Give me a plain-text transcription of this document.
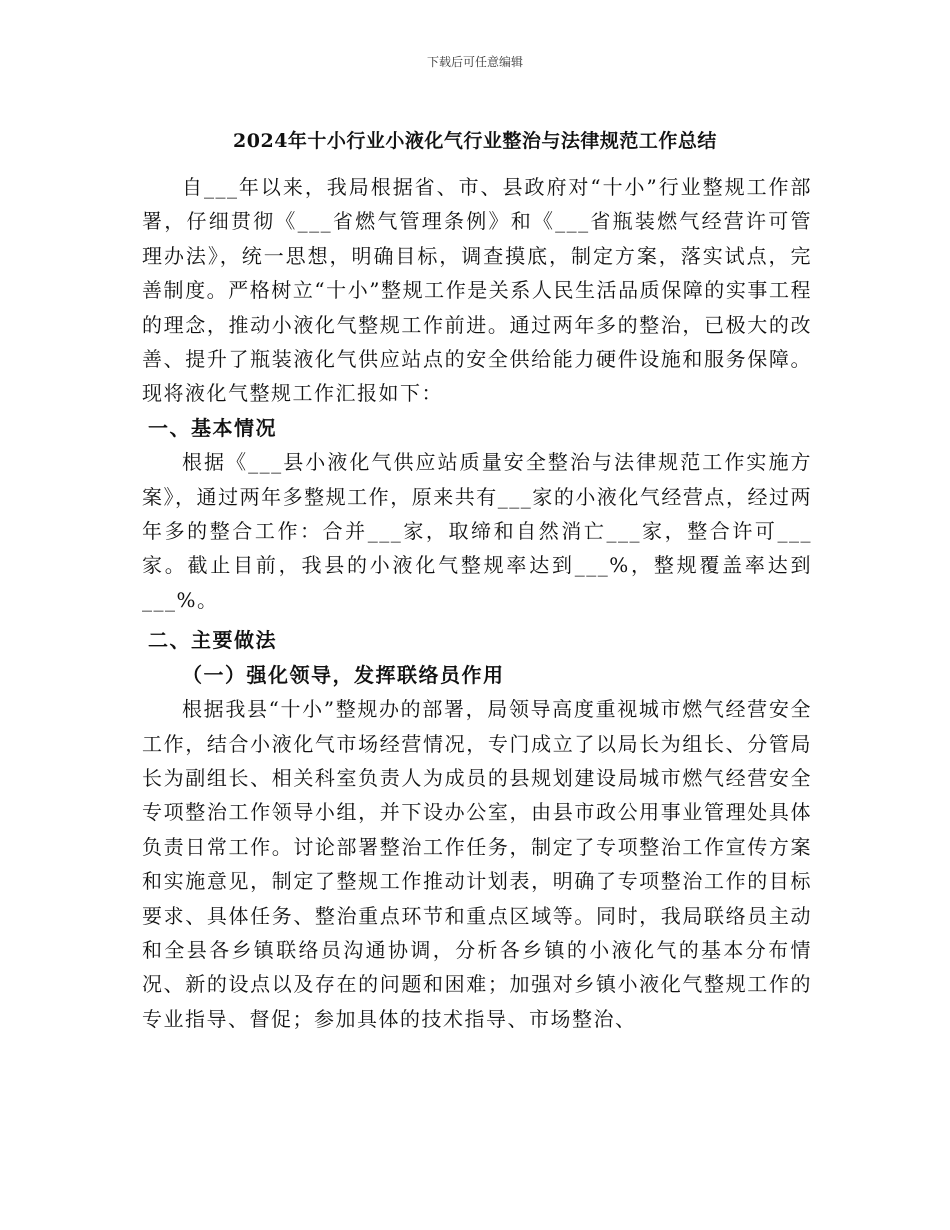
下载后可任意编辑
2024年十小行业小液化气行业整治与法律规范工作总结

自___年以来，我局根据省、市、县政府对“十小”行业整规工作部署，仔细贯彻《___省燃气管理条例》和《___省瓶装燃气经营许可管理办法》，统一思想，明确目标，调查摸底，制定方案，落实试点，完善制度。严格树立“十小”整规工作是关系人民生活品质保障的实事工程的理念，推动小液化气整规工作前进。通过两年多的整治，已极大的改善、提升了瓶装液化气供应站点的安全供给能力硬件设施和服务保障。现将液化气整规工作汇报如下：

一、基本情况

根据《___县小液化气供应站质量安全整治与法律规范工作实施方案》，通过两年多整规工作，原来共有___家的小液化气经营点，经过两年多的整合工作：合并___家，取缔和自然消亡___家，整合许可___家。截止目前，我县的小液化气整规率达到___%，整规覆盖率达到___%。

二、主要做法

（一）强化领导，发挥联络员作用

根据我县“十小”整规办的部署，局领导高度重视城市燃气经营安全工作，结合小液化气市场经营情况，专门成立了以局长为组长、分管局长为副组长、相关科室负责人为成员的县规划建设局城市燃气经营安全专项整治工作领导小组，并下设办公室，由县市政公用事业管理处具体负责日常工作。讨论部署整治工作任务，制定了专项整治工作宣传方案和实施意见，制定了整规工作推动计划表，明确了专项整治工作的目标要求、具体任务、整治重点环节和重点区域等。同时，我局联络员主动和全县各乡镇联络员沟通协调，分析各乡镇的小液化气的基本分布情况、新的设点以及存在的问题和困难；加强对乡镇小液化气整规工作的专业指导、督促；参加具体的技术指导、市场整治、
